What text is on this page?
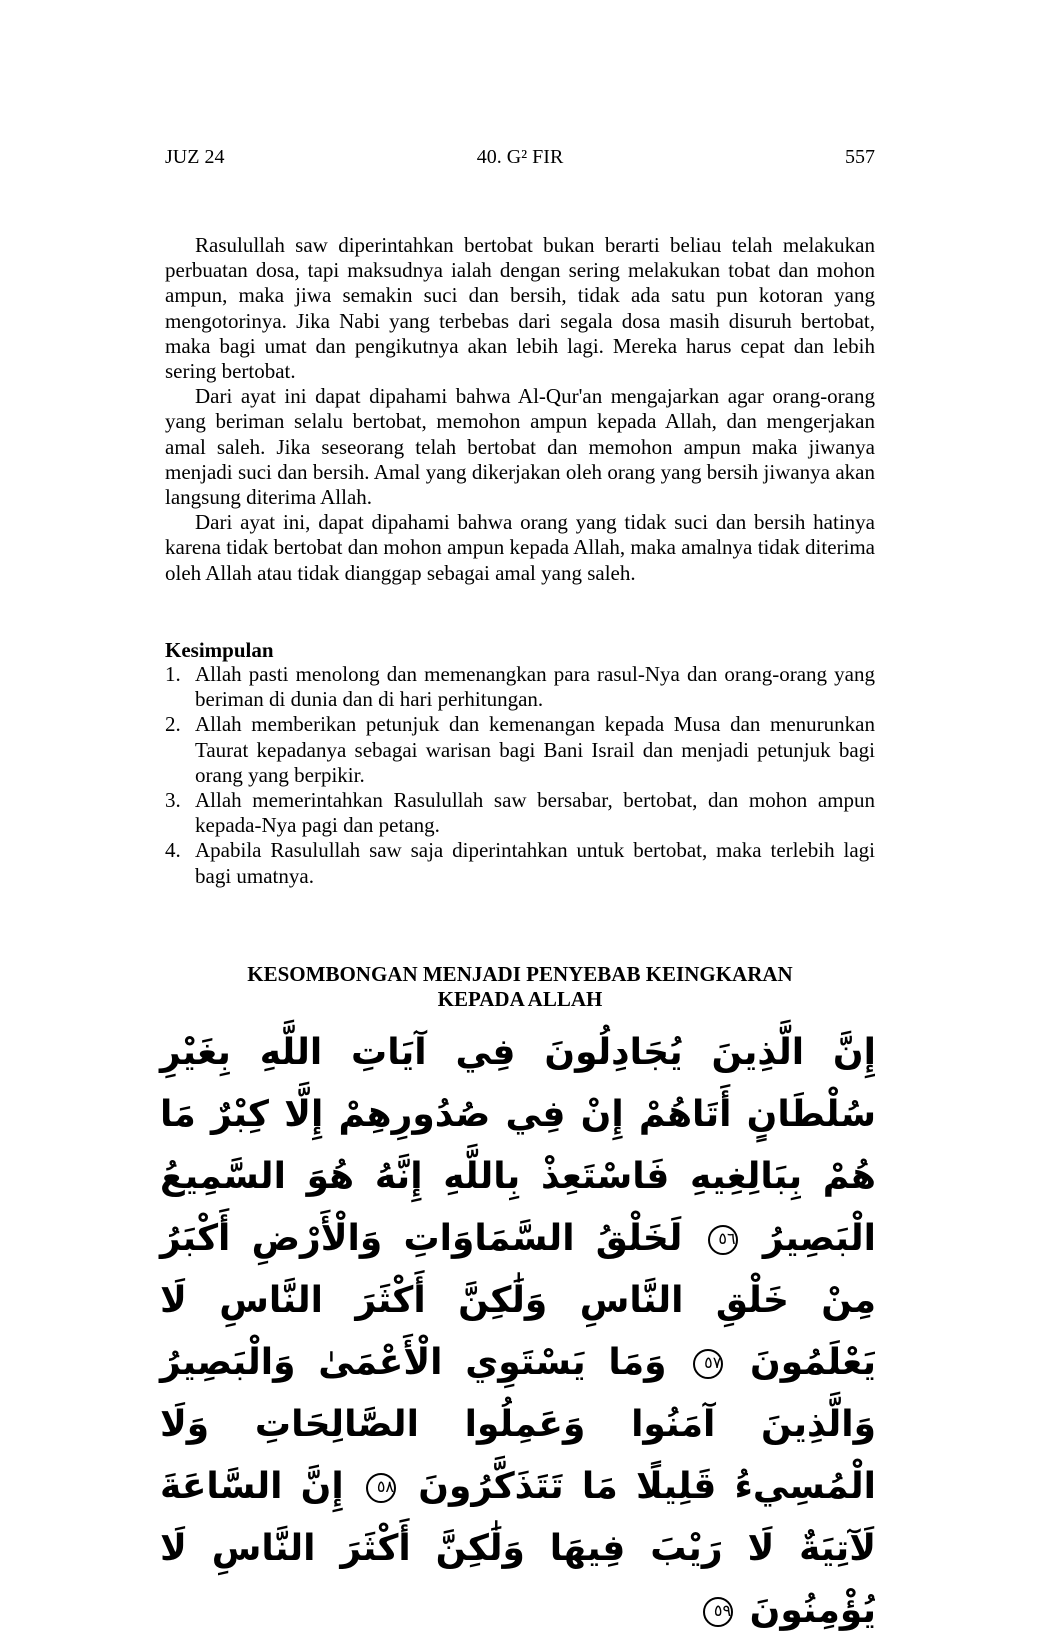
JUZ 24	40. G² FIR	557

Rasulullah saw diperintahkan bertobat bukan berarti beliau telah melakukan perbuatan dosa, tapi maksudnya ialah dengan sering melakukan tobat dan mohon ampun, maka jiwa semakin suci dan bersih, tidak ada satu pun kotoran yang mengotorinya. Jika Nabi yang terbebas dari segala dosa masih disuruh bertobat, maka bagi umat dan pengikutnya akan lebih lagi. Mereka harus cepat dan lebih sering bertobat.

Dari ayat ini dapat dipahami bahwa Al-Qur'an mengajarkan agar orang-orang yang beriman selalu bertobat, memohon ampun kepada Allah, dan mengerjakan amal saleh. Jika seseorang telah bertobat dan memohon ampun maka jiwanya menjadi suci dan bersih. Amal yang dikerjakan oleh orang yang bersih jiwanya akan langsung diterima Allah.

Dari ayat ini, dapat dipahami bahwa orang yang tidak suci dan bersih hatinya karena tidak bertobat dan mohon ampun kepada Allah, maka amalnya tidak diterima oleh Allah atau tidak dianggap sebagai amal yang saleh.

Kesimpulan
1. Allah pasti menolong dan memenangkan para rasul-Nya dan orang-orang yang beriman di dunia dan di hari perhitungan.
2. Allah memberikan petunjuk dan kemenangan kepada Musa dan menurunkan Taurat kepadanya sebagai warisan bagi Bani Israil dan menjadi petunjuk bagi orang yang berpikir.
3. Allah memerintahkan Rasulullah saw bersabar, bertobat, dan mohon ampun kepada-Nya pagi dan petang.
4. Apabila Rasulullah saw saja diperintahkan untuk bertobat, maka terlebih lagi bagi umatnya.
KESOMBONGAN MENJADI PENYEBAB KEINGKARAN
KEPADA ALLAH
إِنَّ الَّذِينَ يُجَادِلُونَ فِي آيَاتِ اللَّهِ بِغَيْرِ سُلْطَانٍ أَتَاهُمْ إِنْ فِي صُدُورِهِمْ إِلَّا كِبْرٌ مَا هُمْ بِبَالِغِيهِ فَاسْتَعِذْ بِاللَّهِ إِنَّهُ هُوَ السَّمِيعُ الْبَصِيرُ ٥٦ لَخَلْقُ السَّمَاوَاتِ وَالْأَرْضِ أَكْبَرُ مِنْ خَلْقِ النَّاسِ وَلَٰكِنَّ أَكْثَرَ النَّاسِ لَا يَعْلَمُونَ ٥٧ وَمَا يَسْتَوِي الْأَعْمَىٰ وَالْبَصِيرُ وَالَّذِينَ آمَنُوا وَعَمِلُوا الصَّالِحَاتِ وَلَا الْمُسِيءُ قَلِيلًا مَا تَتَذَكَّرُونَ ٥٨ إِنَّ السَّاعَةَ لَآتِيَةٌ لَا رَيْبَ فِيهَا وَلَٰكِنَّ أَكْثَرَ النَّاسِ لَا يُؤْمِنُونَ ٥٩
